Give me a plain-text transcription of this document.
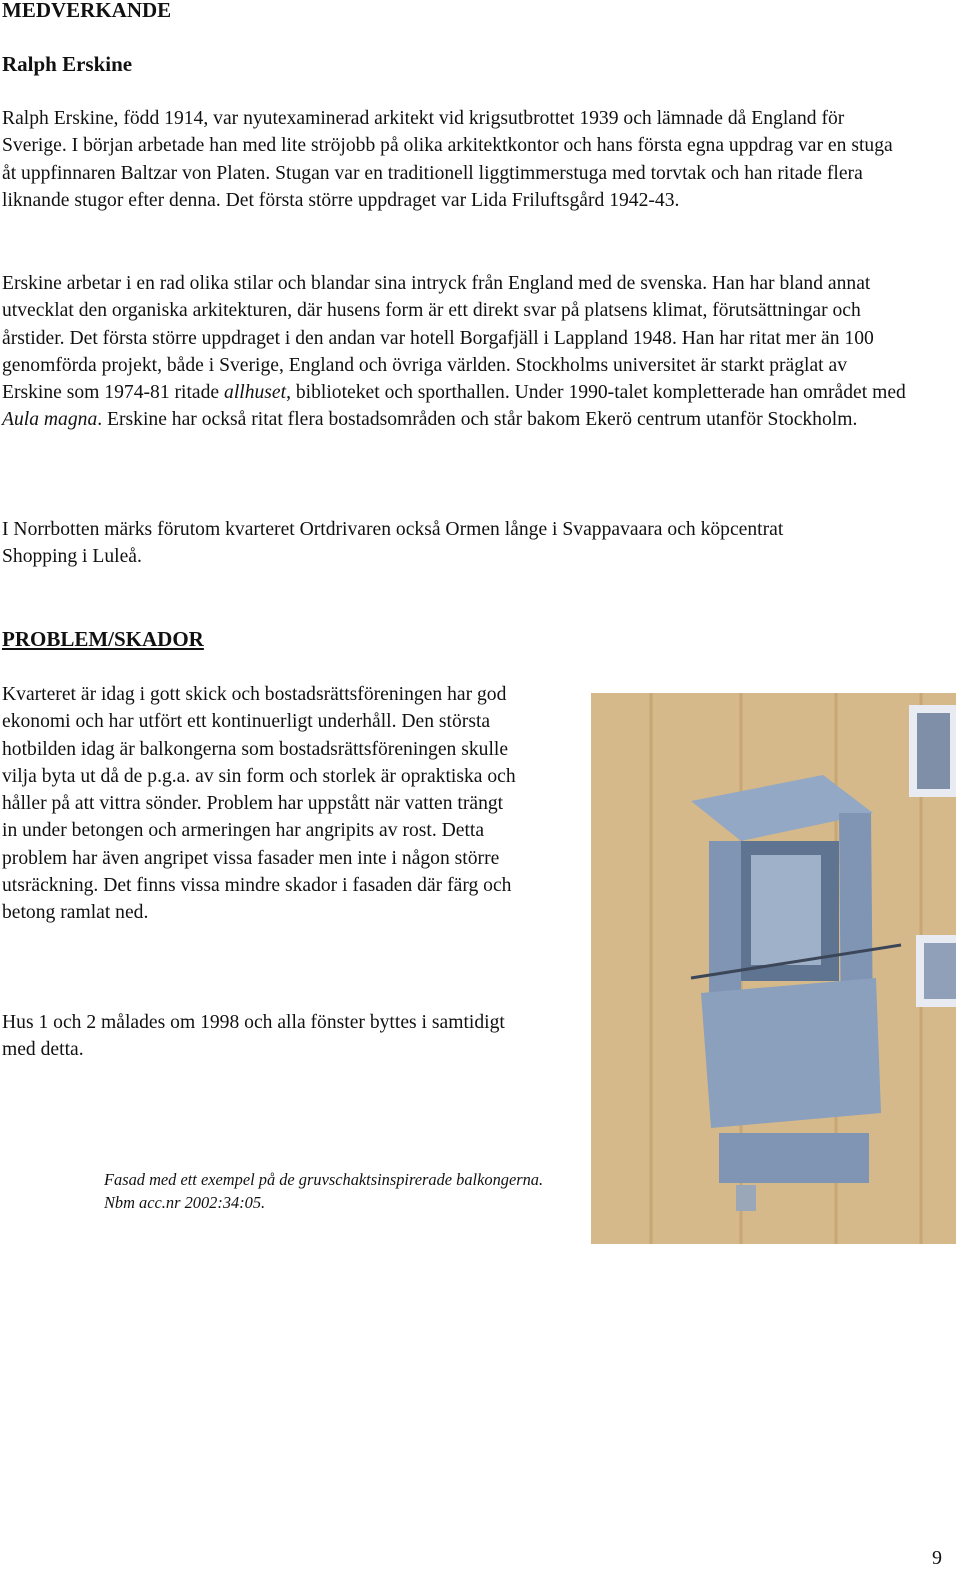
MEDVERKANDE
Ralph Erskine

Ralph Erskine, född 1914, var nyutexaminerad arkitekt vid krigsutbrottet 1939 och lämnade då England för Sverige. I början arbetade han med lite ströjobb på olika arkitektkontor och hans första egna uppdrag var en stuga åt uppfinnaren Baltzar von Platen. Stugan var en traditionell liggtimmerstuga med torvtak och han ritade flera liknande stugor efter denna. Det första större uppdraget var Lida Friluftsgård 1942-43.

Erskine arbetar i en rad olika stilar och blandar sina intryck från England med de svenska. Han har bland annat utvecklat den organiska arkitekturen, där husens form är ett direkt svar på platsens klimat, förutsättningar och årstider. Det första större uppdraget i den andan var hotell Borgafjäll i Lappland 1948. Han har ritat mer än 100 genomförda projekt, både i Sverige, England och övriga världen. Stockholms universitet är starkt präglat av Erskine som 1974-81 ritade allhuset, biblioteket och sporthallen. Under 1990-talet kompletterade han området med Aula magna. Erskine har också ritat flera bostadsområden och står bakom Ekerö centrum utanför Stockholm.

I Norrbotten märks förutom kvarteret Ortdrivaren också Ormen långe i Svappavaara och köpcentrat Shopping i Luleå.

PROBLEM/SKADOR

Kvarteret är idag i gott skick och bostadsrättsföreningen har god ekonomi och har utfört ett kontinuerligt underhåll. Den största hotbilden idag är balkongerna som bostadsrättsföreningen skulle vilja byta ut då de p.g.a. av sin form och storlek är opraktiska och håller på att vittra sönder. Problem har uppstått när vatten trängt in under betongen och armeringen har angripits av rost. Detta problem har även angripet vissa fasader men inte i någon större utsräckning. Det finns vissa mindre skador i fasaden där färg och betong ramlat ned.

Hus 1 och 2 målades om 1998 och alla fönster byttes i samtidigt med detta.

Fasad med ett exempel på de gruvschaktsinspirerade balkongerna. Nbm acc.nr 2002:34:05.

9
